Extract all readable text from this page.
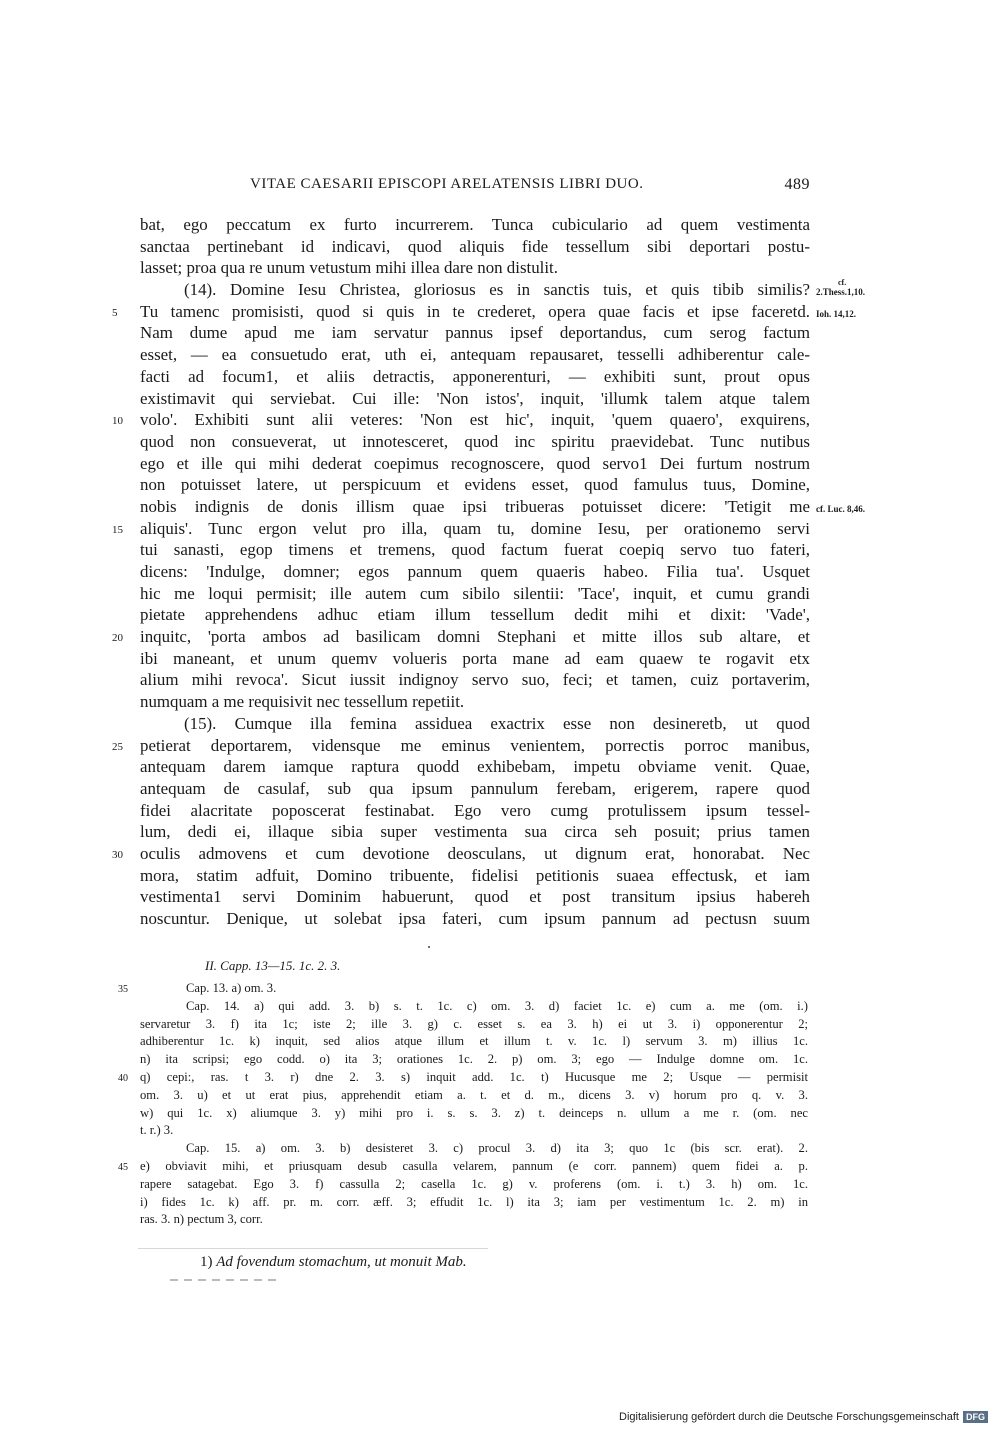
VITAE CAESARII EPISCOPI ARELATENSIS LIBRI DUO.	489
bat, ego peccatum ex furto incurrerem. Tunca cubiculario ad quem vestimenta
sanctaa pertinebant id indicavi, quod aliquis fide tessellum sibi deportari postu-
lasset; proa qua re unum vetustum mihi illea dare non distulit.
(14). Domine Iesu Christea, gloriosus es in sanctis tuis, et quis tibib similis? 2.Thess.1,10.
cf.
Tu tamenc promisisti, quod si quis in te crederet, opera quae facis et ipse faceretd.
5	Ioh. 14,12.
Nam dume apud me iam servatur pannus ipsef deportandus, cum serog factum
esset, — ea consuetudo erat, uth ei, antequam repausaret, tesselli adhiberentur cale-
facti ad focum1, et aliis detractis, apponerenturi, — exhibiti sunt, prout opus
existimavit qui serviebat. Cui ille: 'Non istos', inquit, 'illumk talem atque talem
volo'. Exhibiti sunt alii veteres: 'Non est hic', inquit, 'quem quaero', exquirens,
10
quod non consueverat, ut innotesceret, quod inc spiritu praevidebat. Tunc nutibus
ego et ille qui mihi dederat coepimus recognoscere, quod servo1 Dei furtum nostrum
non potuisset latere, ut perspicuum et evidens esset, quod famulus tuus, Domine,
nobis indignis de donis illism quae ipsi tribueras potuisset dicere: 'Tetigit me cf. Luc. 8,46.
aliquis'. Tunc ergon velut pro illa, quam tu, domine Iesu, per orationemo servi
15
tui sanasti, egop timens et tremens, quod factum fuerat coepiq servo tuo fateri,
dicens: 'Indulge, domner; egos pannum quem quaeris habeo. Filia tua'. Usquet
hic me loqui permisit; ille autem cum sibilo silentii: 'Tace', inquit, et cumu grandi
pietate apprehendens adhuc etiam illum tessellum dedit mihi et dixit: 'Vade',
inquitc, 'porta ambos ad basilicam domni Stephani et mitte illos sub altare, et
20
ibi maneant, et unum quemv volueris porta mane ad eam quaew te rogavit etx
alium mihi revoca'. Sicut iussit indignoy servo suo, feci; et tamen, cuiz portaverim,
numquam a me requisivit nec tessellum repetiit.
(15). Cumque illa femina assiduea exactrix esse non desineretb, ut quod
petierat deportarem, vidensque me eminus venientem, porrectis porroc manibus,
25
antequam darem iamque raptura quodd exhibebam, impetu obviame venit. Quae,
antequam de casulaf, sub qua ipsum pannulum ferebam, erigerem, rapere quod
fidei alacritate poposcerat festinabat. Ego vero cumg protulissem ipsum tessel-
lum, dedi ei, illaque sibia super vestimenta sua circa seh posuit; prius tamen
oculis admovens et cum devotione deosculans, ut dignum erat, honorabat. Nec
30
mora, statim adfuit, Domino tribuente, fidelisi petitionis suaea effectusk, et iam
vestimenta1 servi Dominim habuerunt, quod et post transitum ipsius habereh
noscuntur. Denique, ut solebat ipsa fateri, cum ipsum pannum ad pectusn suum
II. Capp. 13—15. 1c. 2. 3.
Cap. 13. a) om. 3.
35
Cap. 14. a) qui add. 3. b) s. t. 1c. c) om. 3. d) faciet 1c. e) cum a. me (om. i.)
servaretur 3. f) ita 1c; iste 2; ille 3. g) c. esset s. ea 3. h) ei ut 3. i) opponerentur 2;
adhiberentur 1c. k) inquit, sed alios atque illum et illum t. v. 1c. l) servum 3. m) illius 1c.
n) ita scripsi; ego codd. o) ita 3; orationes 1c. 2. p) om. 3; ego — Indulge domne om. 1c.
q) cepi:, ras. t 3. r) dne 2. 3. s) inquit add. 1c. t) Hucusque me 2; Usque — permisit
40
om. 3. u) et ut erat pius, apprehendit etiam a. t. et d. m., dicens 3. v) horum pro q. v. 3.
w) qui 1c. x) aliumque 3. y) mihi pro i. s. s. 3. z) t. deinceps n. ullum a me r. (om. nec
t. r.) 3.
Cap. 15. a) om. 3. b) desisteret 3. c) procul 3. d) ita 3; quo 1c (bis scr. erat). 2.
e) obviavit mihi, et priusquam desub casulla velarem, pannum (e corr. pannem) quem fidei a. p.
45
rapere satagebat. Ego 3. f) cassulla 2; casella 1c. g) v. proferens (om. i. t.) 3. h) om. 1c.
i) fides 1c. k) aff. pr. m. corr. æff. 3; effudit 1c. l) ita 3; iam per vestimentum 1c. 2. m) in
ras. 3. n) pectum 3, corr.
1) Ad fovendum stomachum, ut monuit Mab.
Digitalisierung gefördert durch die Deutsche Forschungsgemeinschaft DFG
